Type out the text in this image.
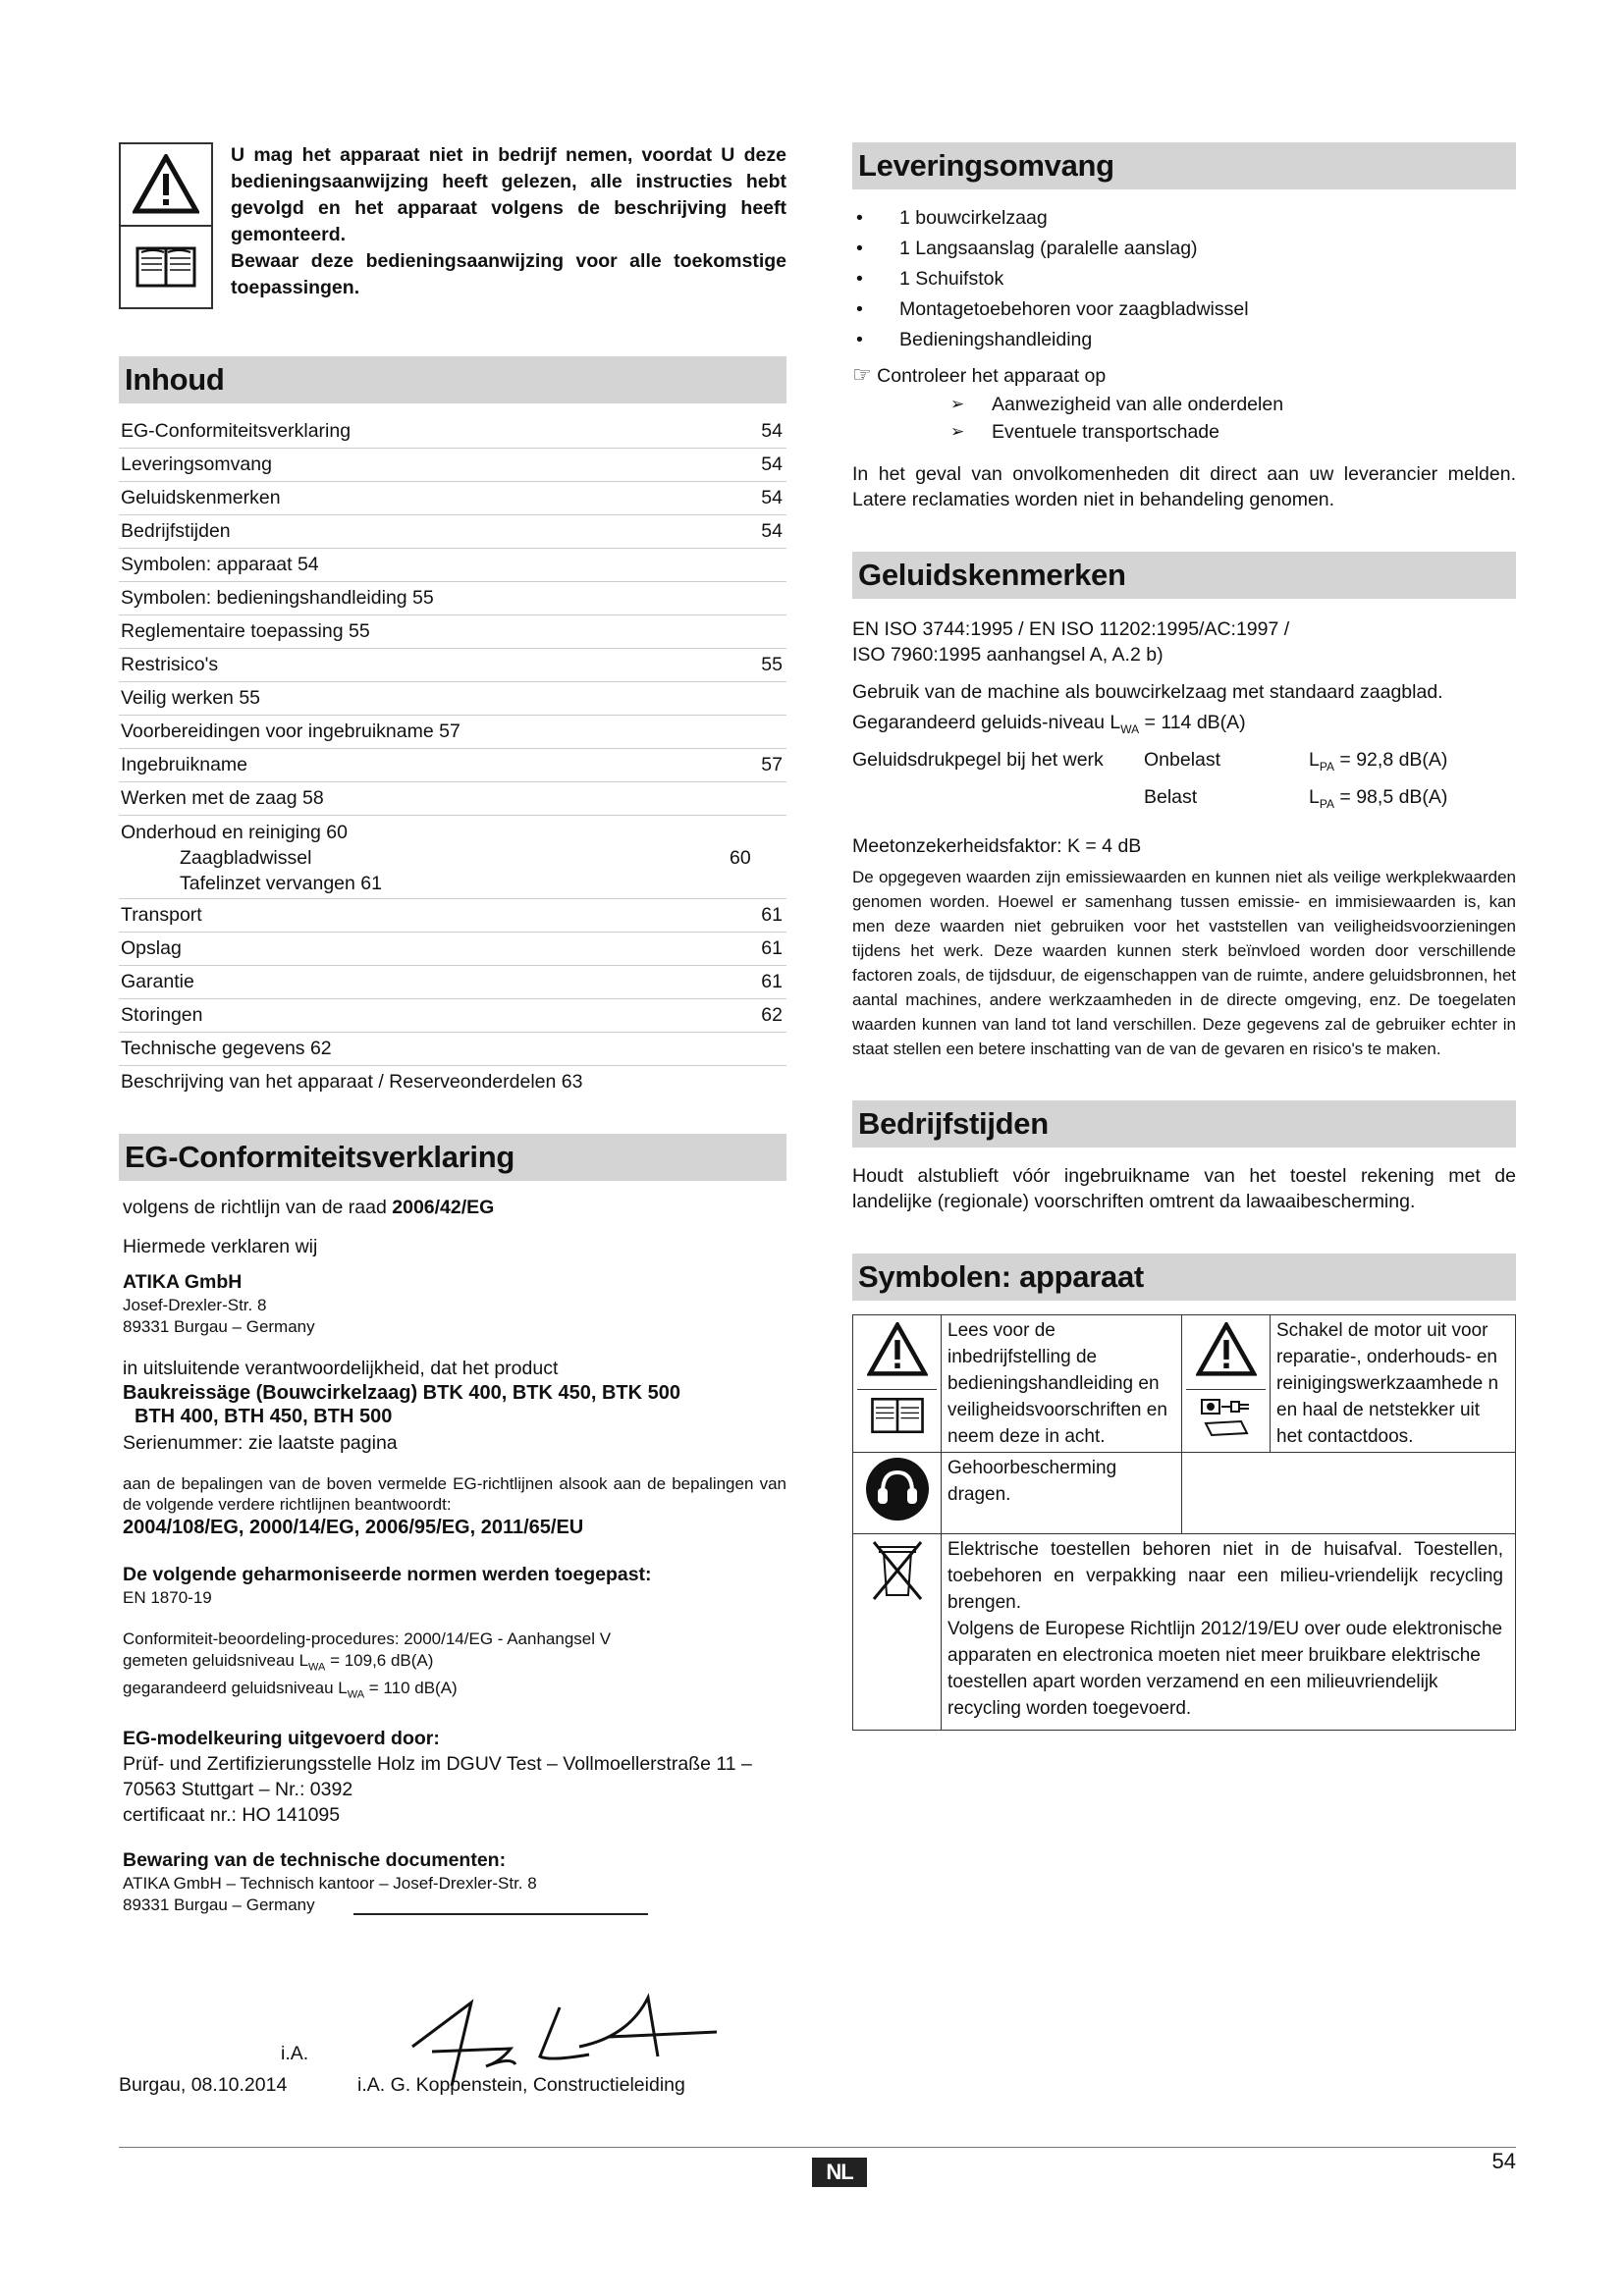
U mag het apparaat niet in bedrijf nemen, voordat U deze bedieningsaanwijzing heeft gelezen, alle instructies hebt gevolgd en het apparaat volgens de beschrijving heeft gemonteerd.
Bewaar deze bedieningsaanwijzing voor alle toekomstige toepassingen.
Inhoud
EG-Conformiteitsverklaring	54
Leveringsomvang	54
Geluidskenmerken	54
Bedrijfstijden	54
Symbolen: apparaat 54
Symbolen: bedieningshandleiding 55
Reglementaire toepassing 55
Restrisico's	55
Veilig werken 55
Voorbereidingen voor ingebruikname 57
Ingebruikname	57
Werken met de zaag 58
Onderhoud en reiniging 60
Zaagbladwissel	60
Tafelinzet vervangen 61
Transport	61
Opslag	61
Garantie	61
Storingen	62
Technische gegevens 62
Beschrijving van het apparaat / Reserveonderdelen 63
EG-Conformiteitsverklaring

volgens de richtlijn van de raad 2006/42/EG

Hiermede verklaren wij

ATIKA GmbH

Josef-Drexler-Str. 8

89331 Burgau – Germany

in uitsluitende verantwoordelijkheid, dat het product

Baukreissäge (Bouwcirkelzaag) BTK 400, BTK 450, BTK 500

BTH 400, BTH 450, BTH 500

Serienummer: zie laatste pagina

aan de bepalingen van de boven vermelde EG-richtlijnen alsook aan de bepalingen van de volgende verdere richtlijnen beantwoordt:

2004/108/EG, 2000/14/EG, 2006/95/EG, 2011/65/EU

De volgende geharmoniseerde normen werden toegepast:

EN 1870-19

Conformiteit-beoordeling-procedures: 2000/14/EG - Aanhangsel V

gemeten geluidsniveau $L_{WA} = 109,6$ dB(A)

gegarandeerd geluidsniveau $L_{WA} = 110$ dB(A)

EG-modelkeuring uitgevoerd door:

Prüf- und Zertifizierungsstelle Holz im DGUV Test – Vollmoellerstraße 11 –

70563 Stuttgart – Nr.: 0392

certificaat nr.: HO 141095

Bewaring van de technische documenten:

ATIKA GmbH – Technisch kantoor – Josef-Drexler-Str. 8

89331 Burgau – Germany

i.A.

Burgau, 08.10.2014	i.A. G. Koppenstein, Constructieleiding

Leveringsomvang
• 1 bouwcirkelzaag
• 1 Langsaanslag (paralelle aanslag)
• 1 Schuifstok
• Montagetoebehoren voor zaagbladwissel
• Bedieningshandleiding

☞ Controleer het apparaat op

➢ Aanwezigheid van alle onderdelen
➢ Eventuele transportschade

In het geval van onvolkomenheden dit direct aan uw leverancier melden. Latere reclamaties worden niet in behandeling genomen.

Geluidskenmerken

EN ISO 3744:1995 / EN ISO 11202:1995/AC:1997 /

ISO 7960:1995 aanhangsel A, A.2 b)

Gebruik van de machine als bouwcirkelzaag met standaard zaagblad.

Gegarandeerd geluids-niveau $L_{WA} = 114$ dB(A)

Geluidsdrukpegel bij het werk	Onbelast	$L_{PA} = 92,8$ dB(A)
Belast	$L_{PA} = 98,5$ dB(A)

Meetonzekerheidsfaktor: K = 4 dB

De opgegeven waarden zijn emissiewaarden en kunnen niet als veilige werkplekwaarden genomen worden. Hoewel er samenhang tussen emissie- en immisiewaarden is, kan men deze waarden niet gebruiken voor het vaststellen van veiligheidsvoorzieningen tijdens het werk. Deze waarden kunnen sterk beïnvloed worden door verschillende factoren zoals, de tijdsduur, de eigenschappen van de ruimte, andere geluidsbronnen, het aantal machines, andere werkzaamheden in de directe omgeving, enz. De toegelaten waarden kunnen van land tot land verschillen. Deze gegevens zal de gebruiker echter in staat stellen een betere inschatting van de van de gevaren en risico's te maken.

Bedrijfstijden

Houdt alstublieft vóór ingebruikname van het toestel rekening met de landelijke (regionale) voorschriften omtrent da lawaaibescherming.

Symbolen: apparaat
	Lees voor de inbedrijfstelling de bedieningshandleiding en veiligheidsvoorschriften en neem deze in acht.		Schakel de motor uit voor reparatie-, onderhouds- en reinigingswerkzaamhede n en haal de netstekker uit het contactdoos.

	Gehoorbescherming dragen.		

Elektrische toestellen behoren niet in de huisafval. Toestellen, toebehoren en verpakking naar een milieu-vriendelijk recycling brengen.
Volgens de Europese Richtlijn 2012/19/EU over oude elektronische apparaten en electronica moeten niet meer bruikbare elektrische toestellen apart worden verzamend en een milieuvriendelijk recycling worden toegevoerd.		
NL	54
